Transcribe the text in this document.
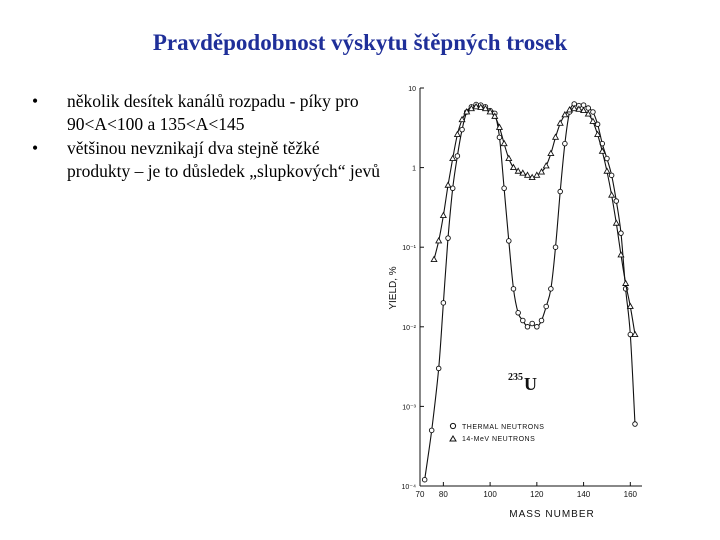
Pravděpodobnost výskytu štěpných trosek
• několik desítek kanálů rozpadu - píky pro 90<A<100 a 135<A<145
• většinou nevznikají dva stejně těžké produkty – je to důsledek „slupkových“ jevů
10
1
10⁻¹
10⁻²
10⁻³
10⁻⁴
70 80	100	120	140	160
YIELD, %
MASS NUMBER
235 U
THERMAL NEUTRONS
14-MeV NEUTRONS
